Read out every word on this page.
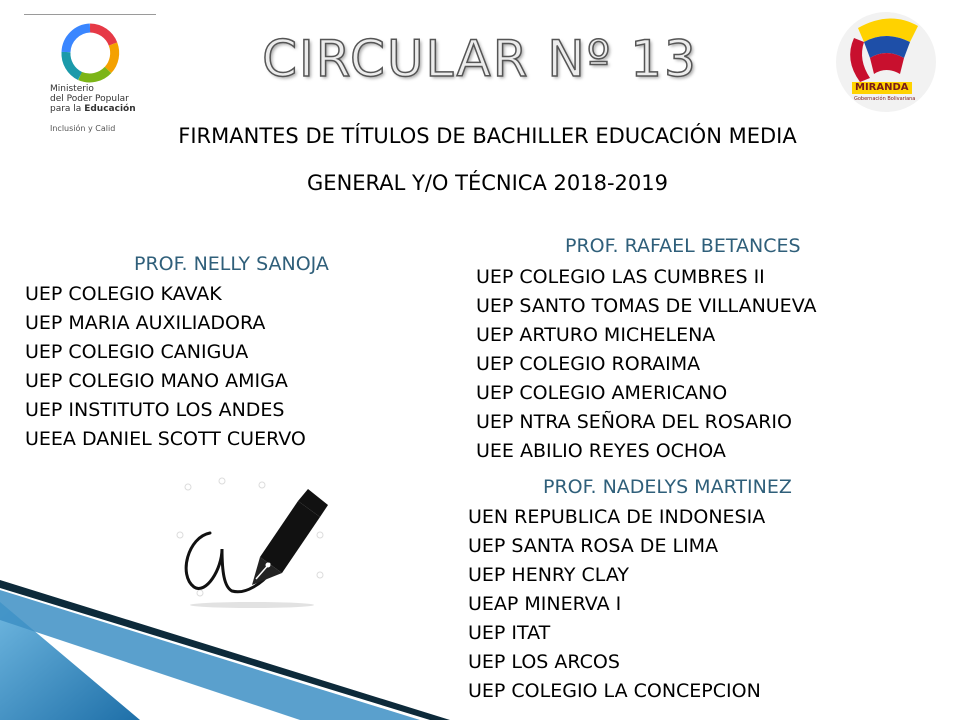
Ministerio
del Poder Popular
para la Educación
Inclusión y Calid
MIRANDA
Gobernación Bolivariana
CIRCULAR Nº 13
FIRMANTES DE TÍTULOS DE BACHILLER EDUCACIÓN MEDIA
GENERAL Y/O TÉCNICA 2018-2019
PROF. NELLY SANOJA
UEP COLEGIO KAVAK
UEP MARIA AUXILIADORA
UEP COLEGIO CANIGUA
UEP COLEGIO MANO AMIGA
UEP INSTITUTO LOS ANDES
UEEA DANIEL SCOTT CUERVO
PROF. RAFAEL BETANCES
UEP COLEGIO LAS CUMBRES II
UEP SANTO TOMAS DE VILLANUEVA
UEP ARTURO MICHELENA
UEP COLEGIO RORAIMA
UEP COLEGIO AMERICANO
UEP NTRA SEÑORA DEL ROSARIO
UEE ABILIO REYES OCHOA
PROF. NADELYS MARTINEZ
UEN REPUBLICA DE INDONESIA
UEP SANTA ROSA DE LIMA
UEP HENRY CLAY
UEAP MINERVA I
UEP ITAT
UEP LOS ARCOS
UEP COLEGIO LA CONCEPCION
